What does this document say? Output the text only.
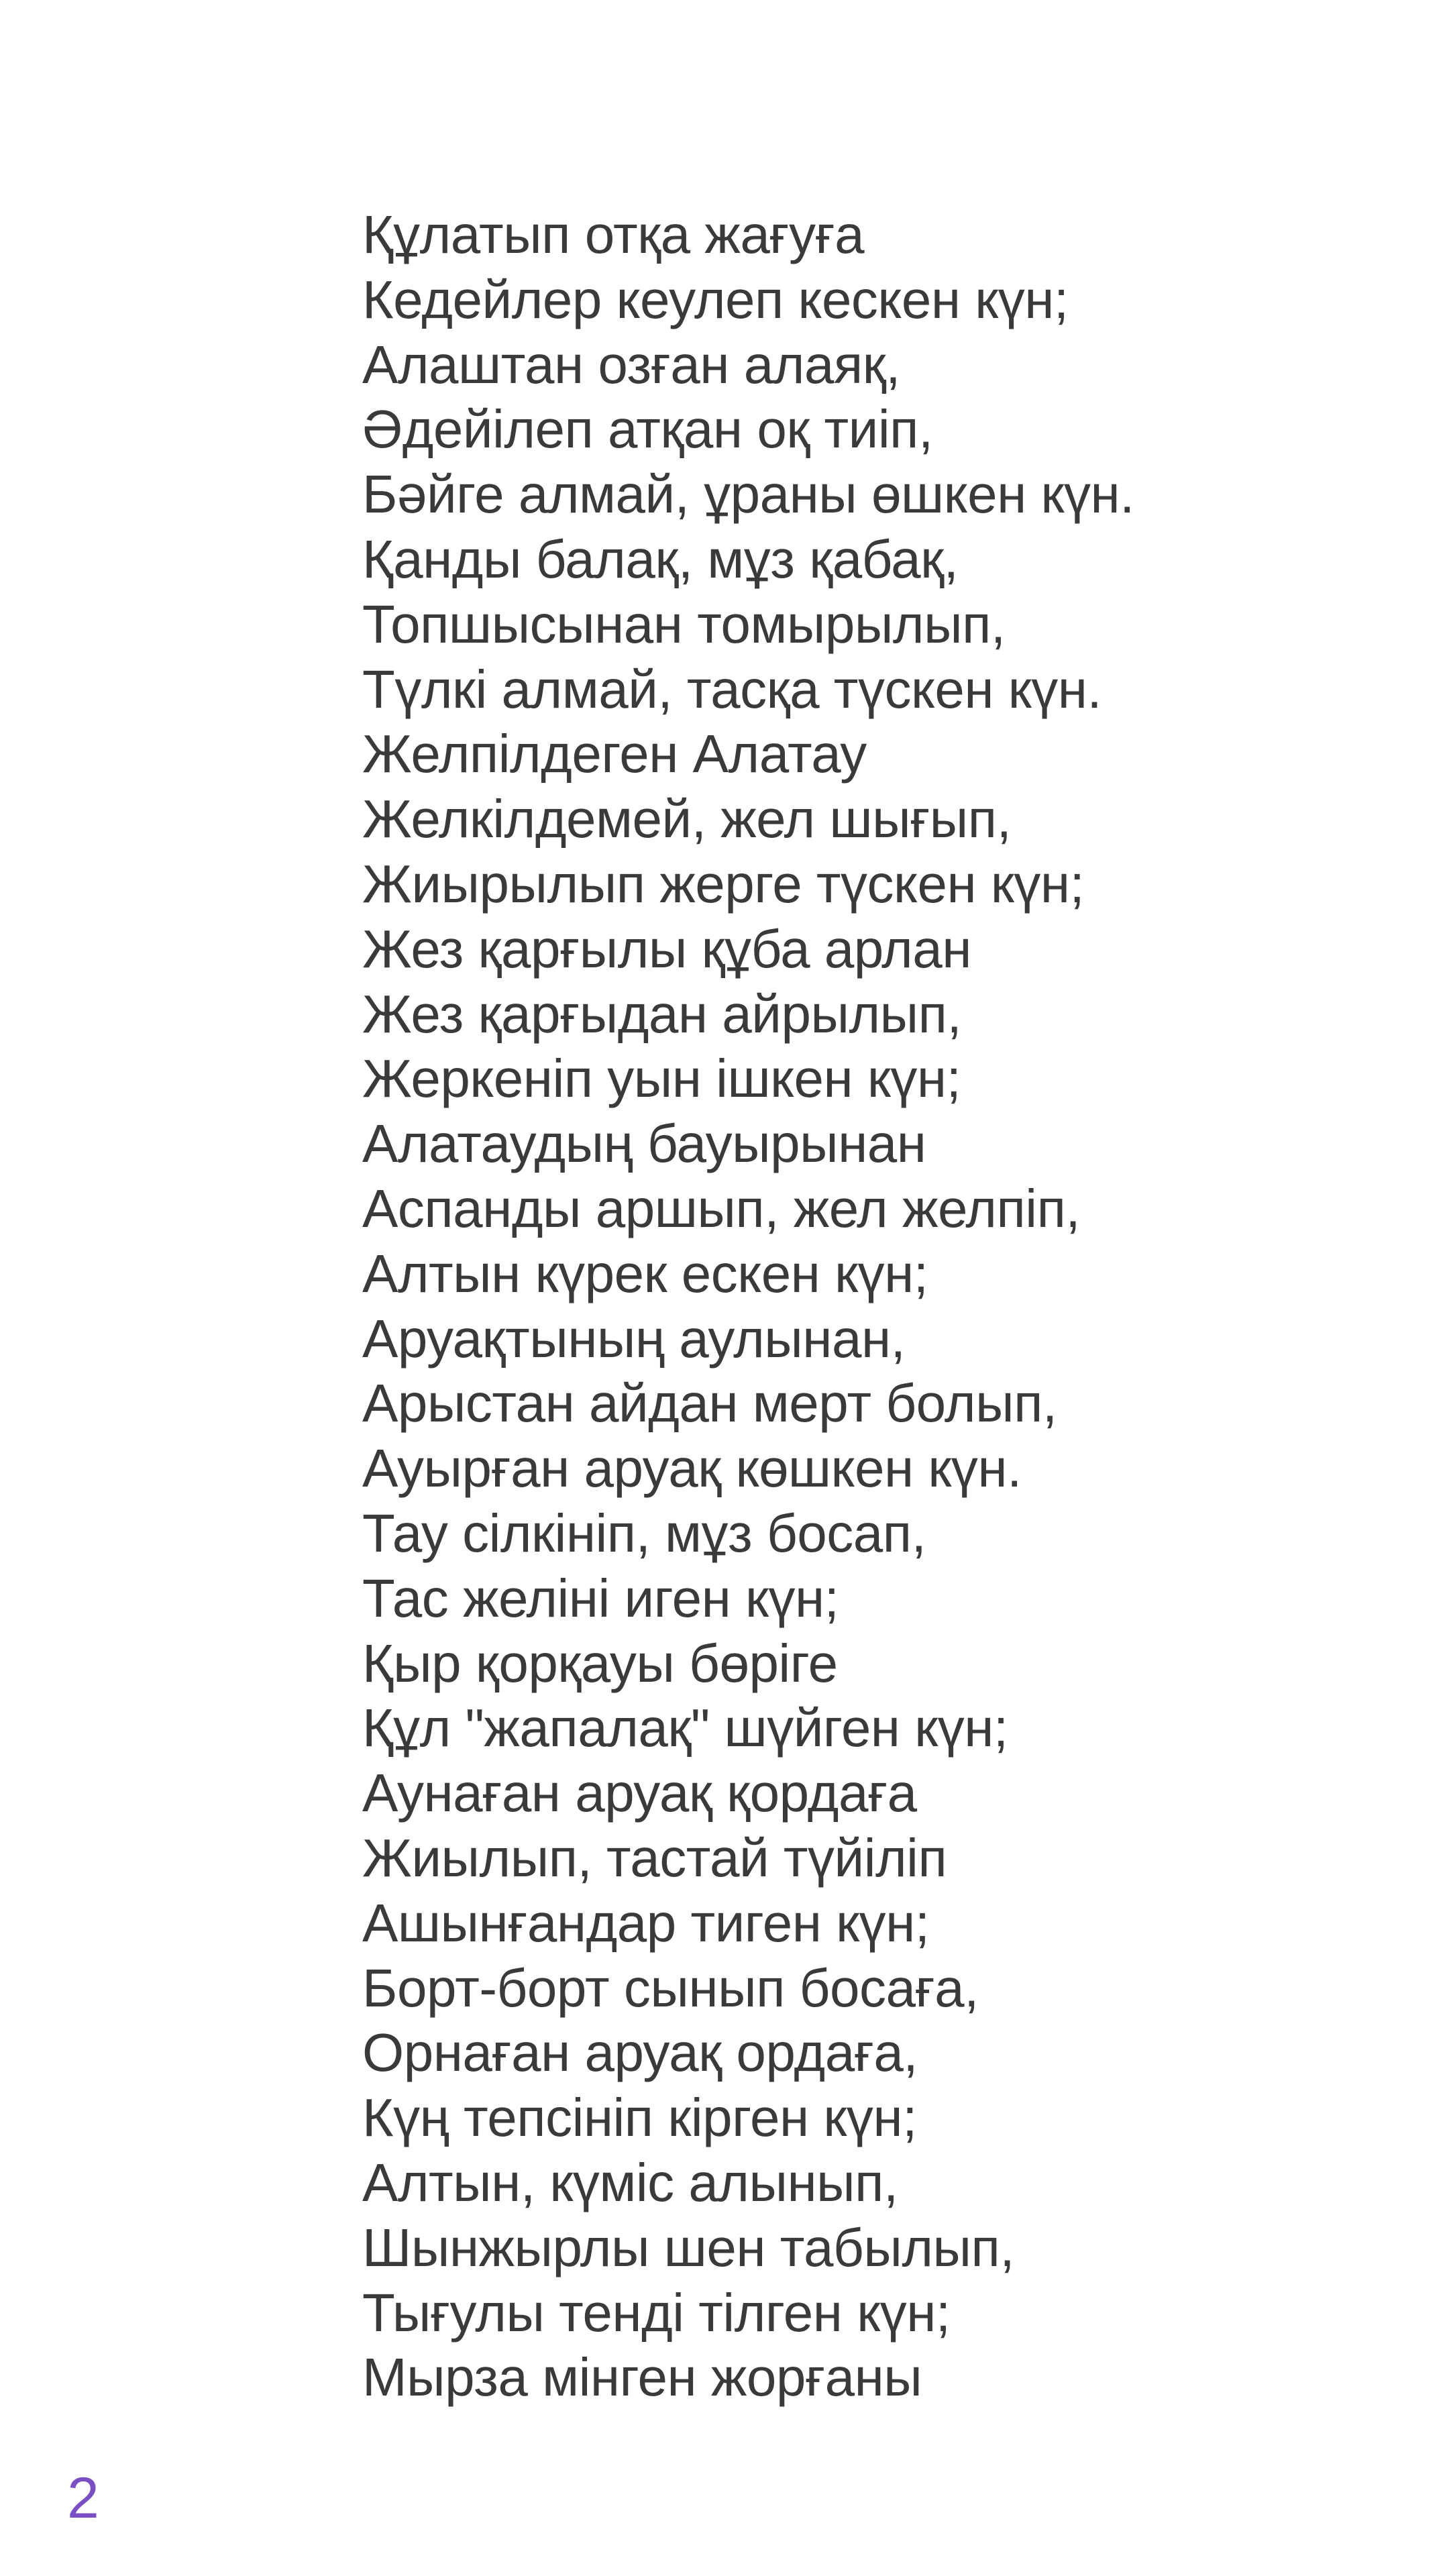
Құлатып отқа жағуға
Кедейлер кеулеп кескен күн;
Алаштан озған алаяқ,
Әдейілеп атқан оқ тиіп,
Бәйге алмай, ұраны өшкен күн.
Қанды балақ, мұз қабақ,
Топшысынан томырылып,
Түлкі алмай, тасқа түскен күн.
Желпілдеген Алатау
Желкілдемей, жел шығып,
Жиырылып жерге түскен күн;
Жез қарғылы құба арлан
Жез қарғыдан айрылып,
Жеркеніп уын ішкен күн;
Алатаудың бауырынан
Аспанды аршып, жел желпіп,
Алтын күрек ескен күн;
Аруақтының аулынан,
Арыстан айдан мерт болып,
Ауырған аруақ көшкен күн.
Тау сілкініп, мұз босап,
Тас желіні иген күн;
Қыр қорқауы бөріге
Құл "жапалақ" шүйген күн;
Аунаған аруақ қордаға
Жиылып, тастай түйіліп
Ашынғандар тиген күн;
Борт-борт сынып босаға,
Орнаған аруақ ордаға,
Күң тепсініп кірген күн;
Алтын, күміс алынып,
Шынжырлы шен табылып,
Тығулы тенді тілген күн;
Мырза мінген жорғаны
2
